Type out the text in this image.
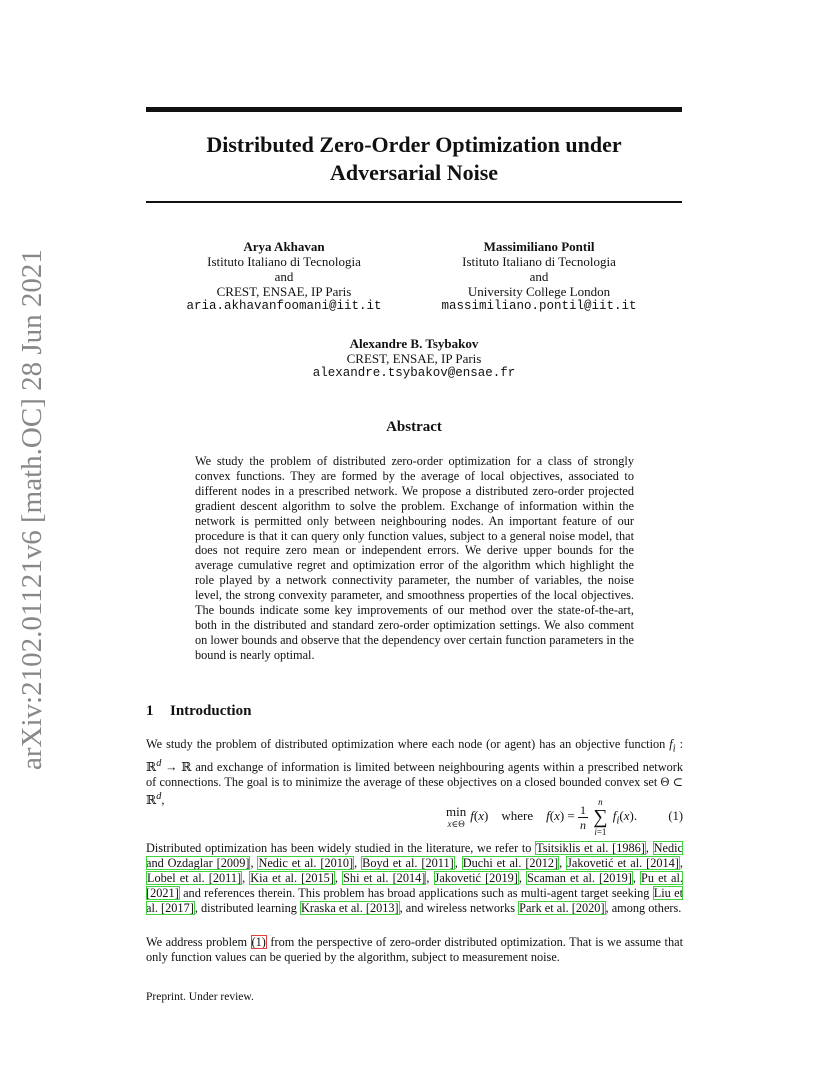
arXiv:2102.01121v6 [math.OC] 28 Jun 2021
Distributed Zero-Order Optimization under
Adversarial Noise
Arya Akhavan
Istituto Italiano di Tecnologia
and
CREST, ENSAE, IP Paris
aria.akhavanfoomani@iit.it
Massimiliano Pontil
Istituto Italiano di Tecnologia
and
University College London
massimiliano.pontil@iit.it
Alexandre B. Tsybakov
CREST, ENSAE, IP Paris
alexandre.tsybakov@ensae.fr
Abstract
We study the problem of distributed zero-order optimization for a class of strongly convex functions. They are formed by the average of local objectives, associated to different nodes in a prescribed network. We propose a distributed zero-order projected gradient descent algorithm to solve the problem. Exchange of information within the network is permitted only between neighbouring nodes. An important feature of our procedure is that it can query only function values, subject to a general noise model, that does not require zero mean or independent errors. We derive upper bounds for the average cumulative regret and optimization error of the algorithm which highlight the role played by a network connectivity parameter, the number of variables, the noise level, the strong convexity parameter, and smoothness properties of the local objectives. The bounds indicate some key improvements of our method over the state-of-the-art, both in the distributed and standard zero-order optimization settings. We also comment on lower bounds and observe that the dependency over certain function parameters in the bound is nearly optimal.
1 Introduction
We study the problem of distributed optimization where each node (or agent) has an objective function $f_i$ : ℝ$^d$ → ℝ and exchange of information is limited between neighbouring agents within a prescribed network of connections. The goal is to minimize the average of these objectives on a closed bounded convex set Θ ⊂ ℝ$^d$,
min
x∈Θ
f(x)    where $f(x) = \frac{1}{n}$

n
∑
i=1
$f_i(x)$.	(1)
Distributed optimization has been widely studied in the literature, we refer to Tsitsiklis et al. [1986], Nedic and Ozdaglar [2009], Nedic et al. [2010], Boyd et al. [2011], Duchi et al. [2012], Jakovetić et al. [2014], Lobel et al. [2011], Kia et al. [2015], Shi et al. [2014], Jakovetić [2019], Scaman et al. [2019], Pu et al. [2021] and references therein. This problem has broad applications such as multi-agent target seeking Liu et al. [2017], distributed learning Kraska et al. [2013], and wireless networks Park et al. [2020], among others.
We address problem (1) from the perspective of zero-order distributed optimization. That is we assume that only function values can be queried by the algorithm, subject to measurement noise.
Preprint. Under review.
